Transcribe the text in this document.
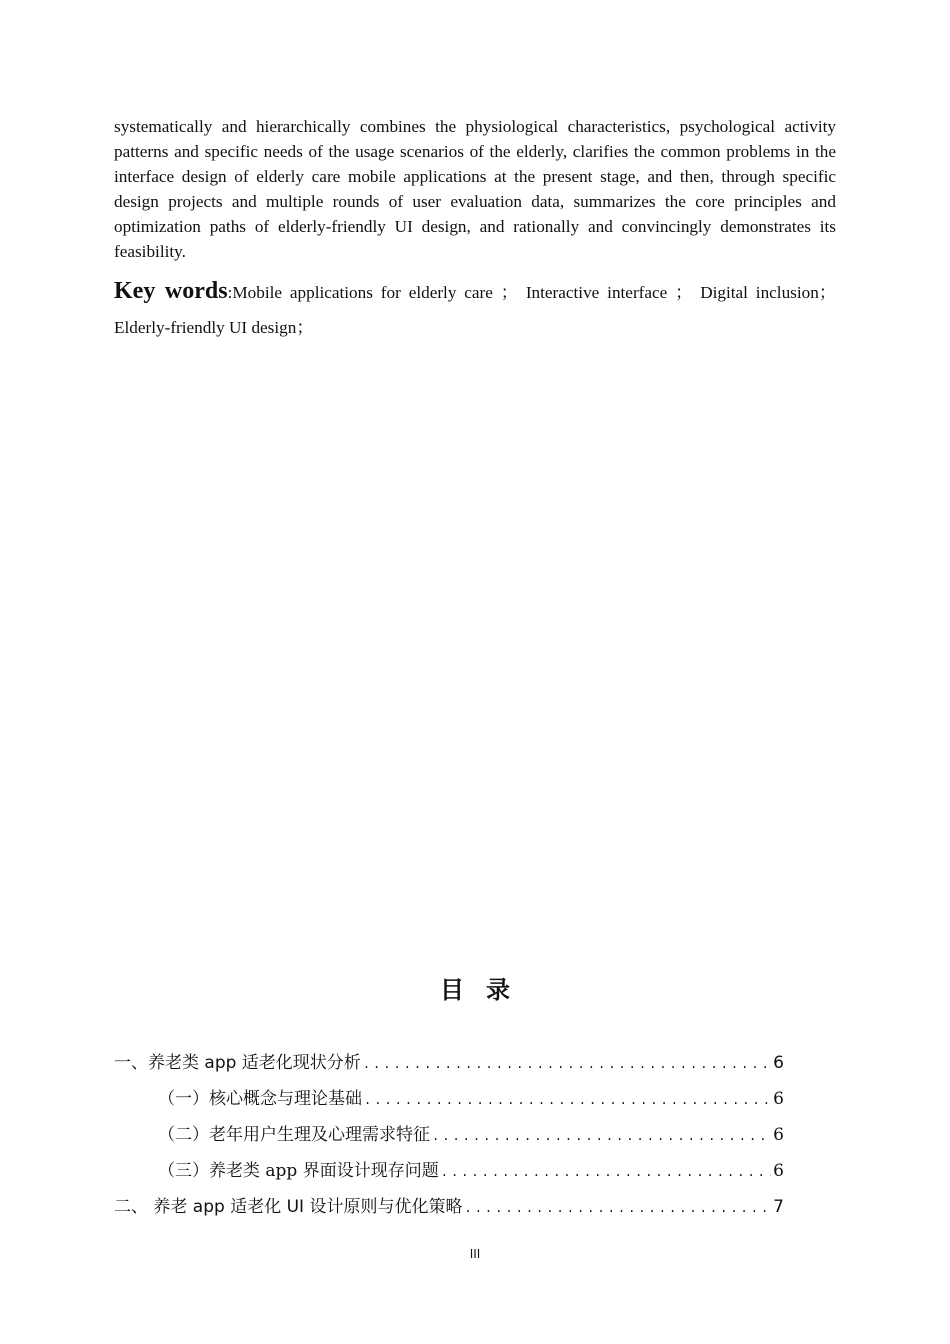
systematically and hierarchically combines the physiological characteristics, psychological activity patterns and specific needs of the usage scenarios of the elderly, clarifies the common problems in the interface design of elderly care mobile applications at the present stage, and then, through specific design projects and multiple rounds of user evaluation data, summarizes the core principles and optimization paths of elderly-friendly UI design, and rationally and convincingly demonstrates its feasibility.

Key words:Mobile applications for elderly care ； Interactive interface ； Digital inclusion；Elderly-friendly UI design；

目录
一、养老类 app 适老化现状分析 .....	6
（一）核心概念与理论基础 .....	6
（二）老年用户生理及心理需求特征 .....	6
（三）养老类 app 界面设计现存问题 .....	6
二、 养老 app 适老化 UI 设计原则与优化策略 .....	7
III
